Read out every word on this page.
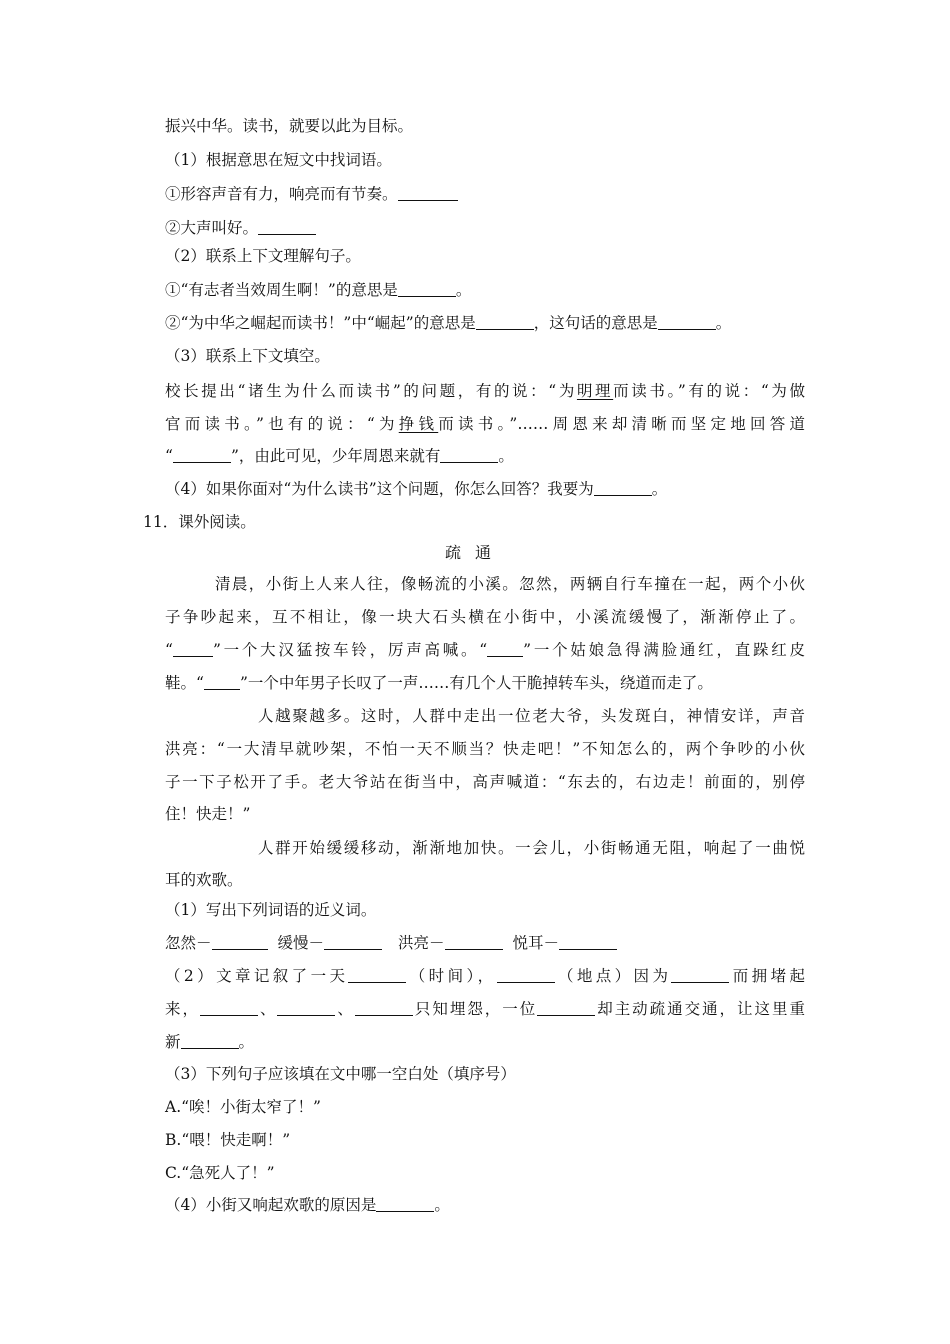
振兴中华。读书，就要以此为目标。
（1）根据意思在短文中找词语。
①形容声音有力，响亮而有节奏。
②大声叫好。
（2）联系上下文理解句子。
①“有志者当效周生啊！”的意思是	。
②“为中华之崛起而读书！”中“崛起”的意思是	，这句话的意思是	。
（3）联系上下文填空。
校长提出“诸生为什么而读书”的问题，有的说：“为明理而读书。”有的说：“为做
官而读书。”也有的说：“为挣钱而读书。”……周恩来却清晰而坚定地回答道
“	”，由此可见，少年周恩来就有	。
（4）如果你面对“为什么读书”这个问题，你怎么回答？我要为	。
11．课外阅读。
疏通
清晨，小街上人来人往，像畅流的小溪。忽然，两辆自行车撞在一起，两个小伙
子争吵起来，互不相让，像一块大石头横在小街中，小溪流缓慢了，渐渐停止了。
“	”一个大汉猛按车铃，厉声高喊。“ ”一个姑娘急得满脸通红，直跺红皮
鞋。“ ”一个中年男子长叹了一声……有几个人干脆掉转车头，绕道而走了。
人越聚越多。这时，人群中走出一位老大爷，头发斑白，神情安详，声音
洪亮：“一大清早就吵架，不怕一天不顺当？快走吧！”不知怎么的，两个争吵的小伙
子一下子松开了手。老大爷站在街当中，高声喊道：“东去的，右边走！前面的，别停
住！快走！”
人群开始缓缓移动，渐渐地加快。一会儿，小街畅通无阻，响起了一曲悦
耳的欢歌。
（1）写出下列词语的近义词。
忽然－	缓慢－	洪亮－	悦耳－
（2）文章记叙了一天	（时间），	（地点）因为	而拥堵起
来，	、	、	只知埋怨，一位	却主动疏通交通，让这里重
新	。
（3）下列句子应该填在文中哪一空白处（填序号）
A.“唉！小街太窄了！”
B.“喂！快走啊！”
C.“急死人了！”
（4）小街又响起欢歌的原因是	。
